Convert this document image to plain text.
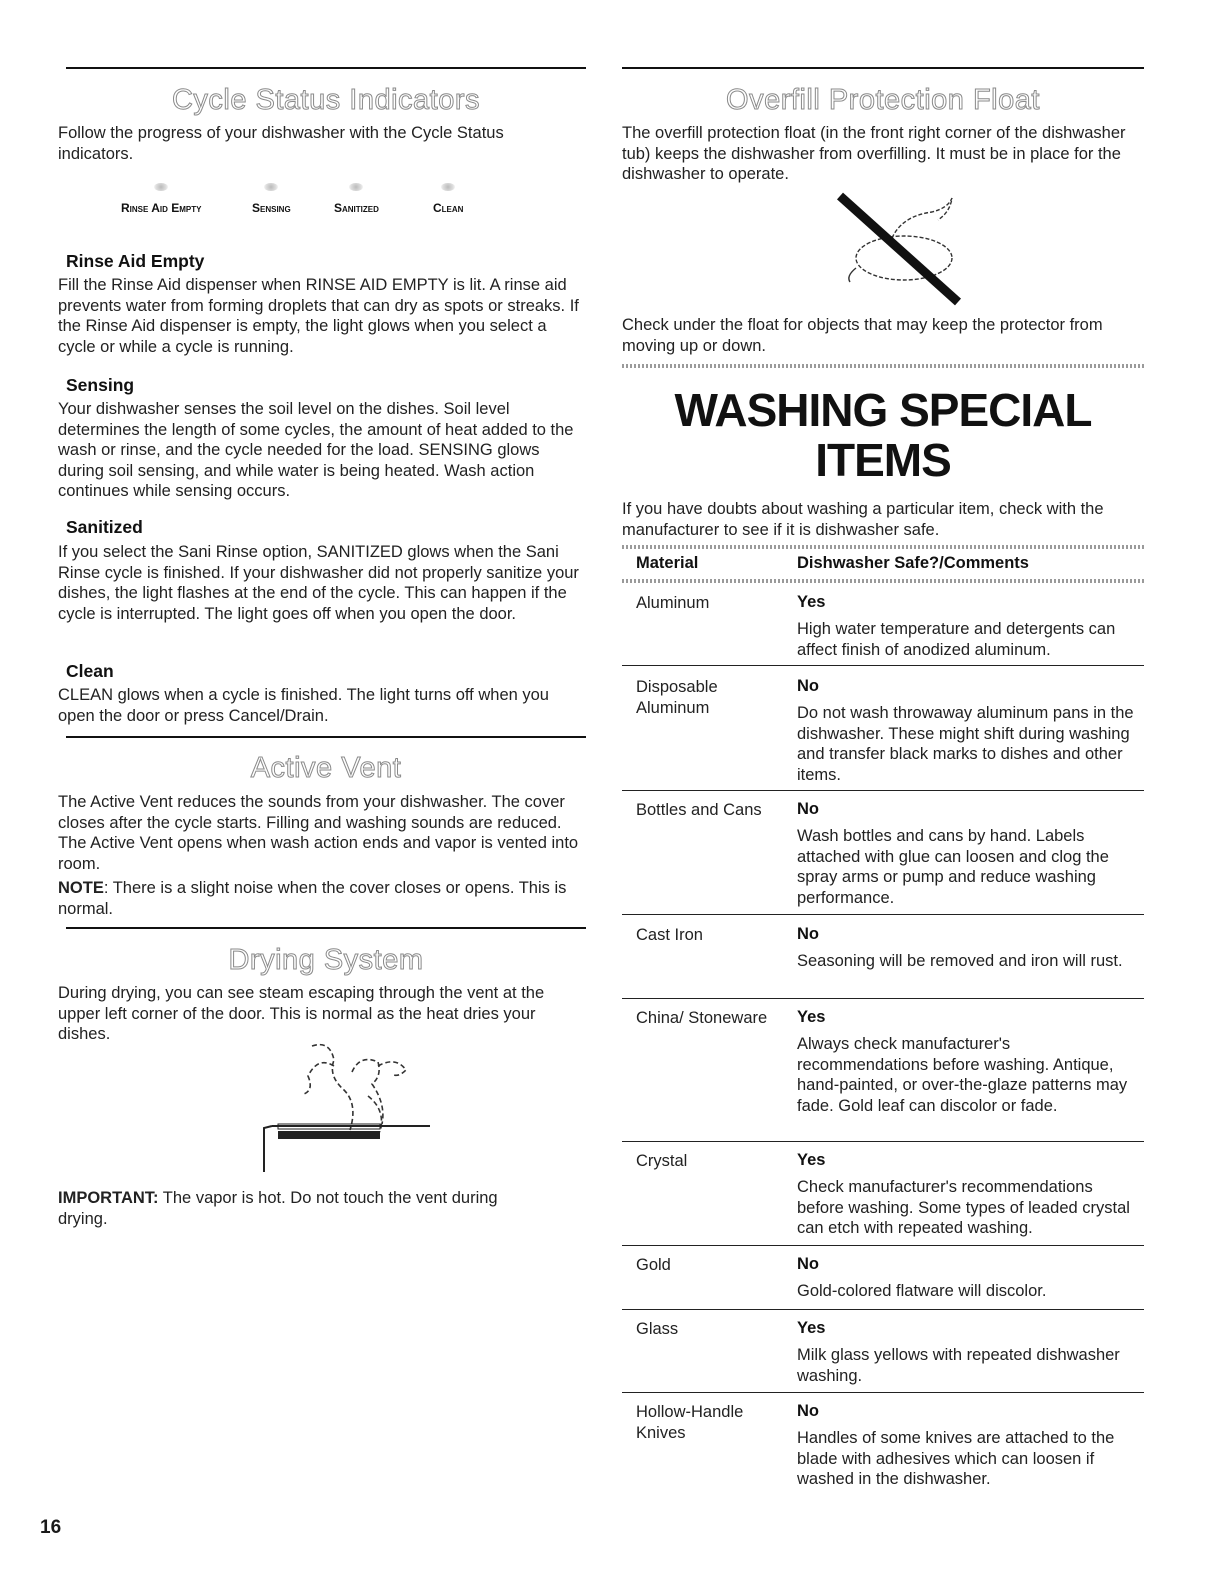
Cycle Status Indicators
Follow the progress of your dishwasher with the Cycle Status indicators.
Rinse Aid Empty	Sensing	Sanitized	Clean
Rinse Aid Empty
Fill the Rinse Aid dispenser when RINSE AID EMPTY is lit. A rinse aid prevents water from forming droplets that can dry as spots or streaks. If the Rinse Aid dispenser is empty, the light glows when you select a cycle or while a cycle is running.
Sensing
Your dishwasher senses the soil level on the dishes. Soil level determines the length of some cycles, the amount of heat added to the wash or rinse, and the cycle needed for the load. SENSING glows during soil sensing, and while water is being heated. Wash action continues while sensing occurs.
Sanitized
If you select the Sani Rinse option, SANITIZED glows when the Sani Rinse cycle is finished. If your dishwasher did not properly sanitize your dishes, the light flashes at the end of the cycle. This can happen if the cycle is interrupted. The light goes off when you open the door.
Clean
CLEAN glows when a cycle is finished. The light turns off when you open the door or press Cancel/Drain.
Active Vent
The Active Vent reduces the sounds from your dishwasher. The cover closes after the cycle starts. Filling and washing sounds are reduced. The Active Vent opens when wash action ends and vapor is vented into room.
NOTE: There is a slight noise when the cover closes or opens. This is normal.
Drying System
During drying, you can see steam escaping through the vent at the upper left corner of the door. This is normal as the heat dries your dishes.
IMPORTANT: The vapor is hot. Do not touch the vent during drying.
16
Overfill Protection Float
The overfill protection float (in the front right corner of the dishwasher tub) keeps the dishwasher from overfilling. It must be in place for the dishwasher to operate.
Check under the float for objects that may keep the protector from moving up or down.
WASHING SPECIAL
ITEMS
If you have doubts about washing a particular item, check with the manufacturer to see if it is dishwasher safe.
Material	Dishwasher Safe?/Comments
Aluminum	Yes
High water temperature and detergents can affect finish of anodized aluminum.
Disposable Aluminum
No
Do not wash throwaway aluminum pans in the dishwasher. These might shift during washing and transfer black marks to dishes and other items.
Bottles and Cans	No
Wash bottles and cans by hand. Labels attached with glue can loosen and clog the spray arms or pump and reduce washing performance.
Cast Iron	No
Seasoning will be removed and iron will rust.
China/ Stoneware	Yes
Always check manufacturer's recommendations before washing. Antique, hand-painted, or over-the-glaze patterns may fade. Gold leaf can discolor or fade.
Crystal	Yes
Check manufacturer's recommendations before washing. Some types of leaded crystal can etch with repeated washing.
Gold	No
Gold-colored flatware will discolor.
Glass	Yes
Milk glass yellows with repeated dishwasher washing.
Hollow-Handle Knives
No
Handles of some knives are attached to the blade with adhesives which can loosen if washed in the dishwasher.
